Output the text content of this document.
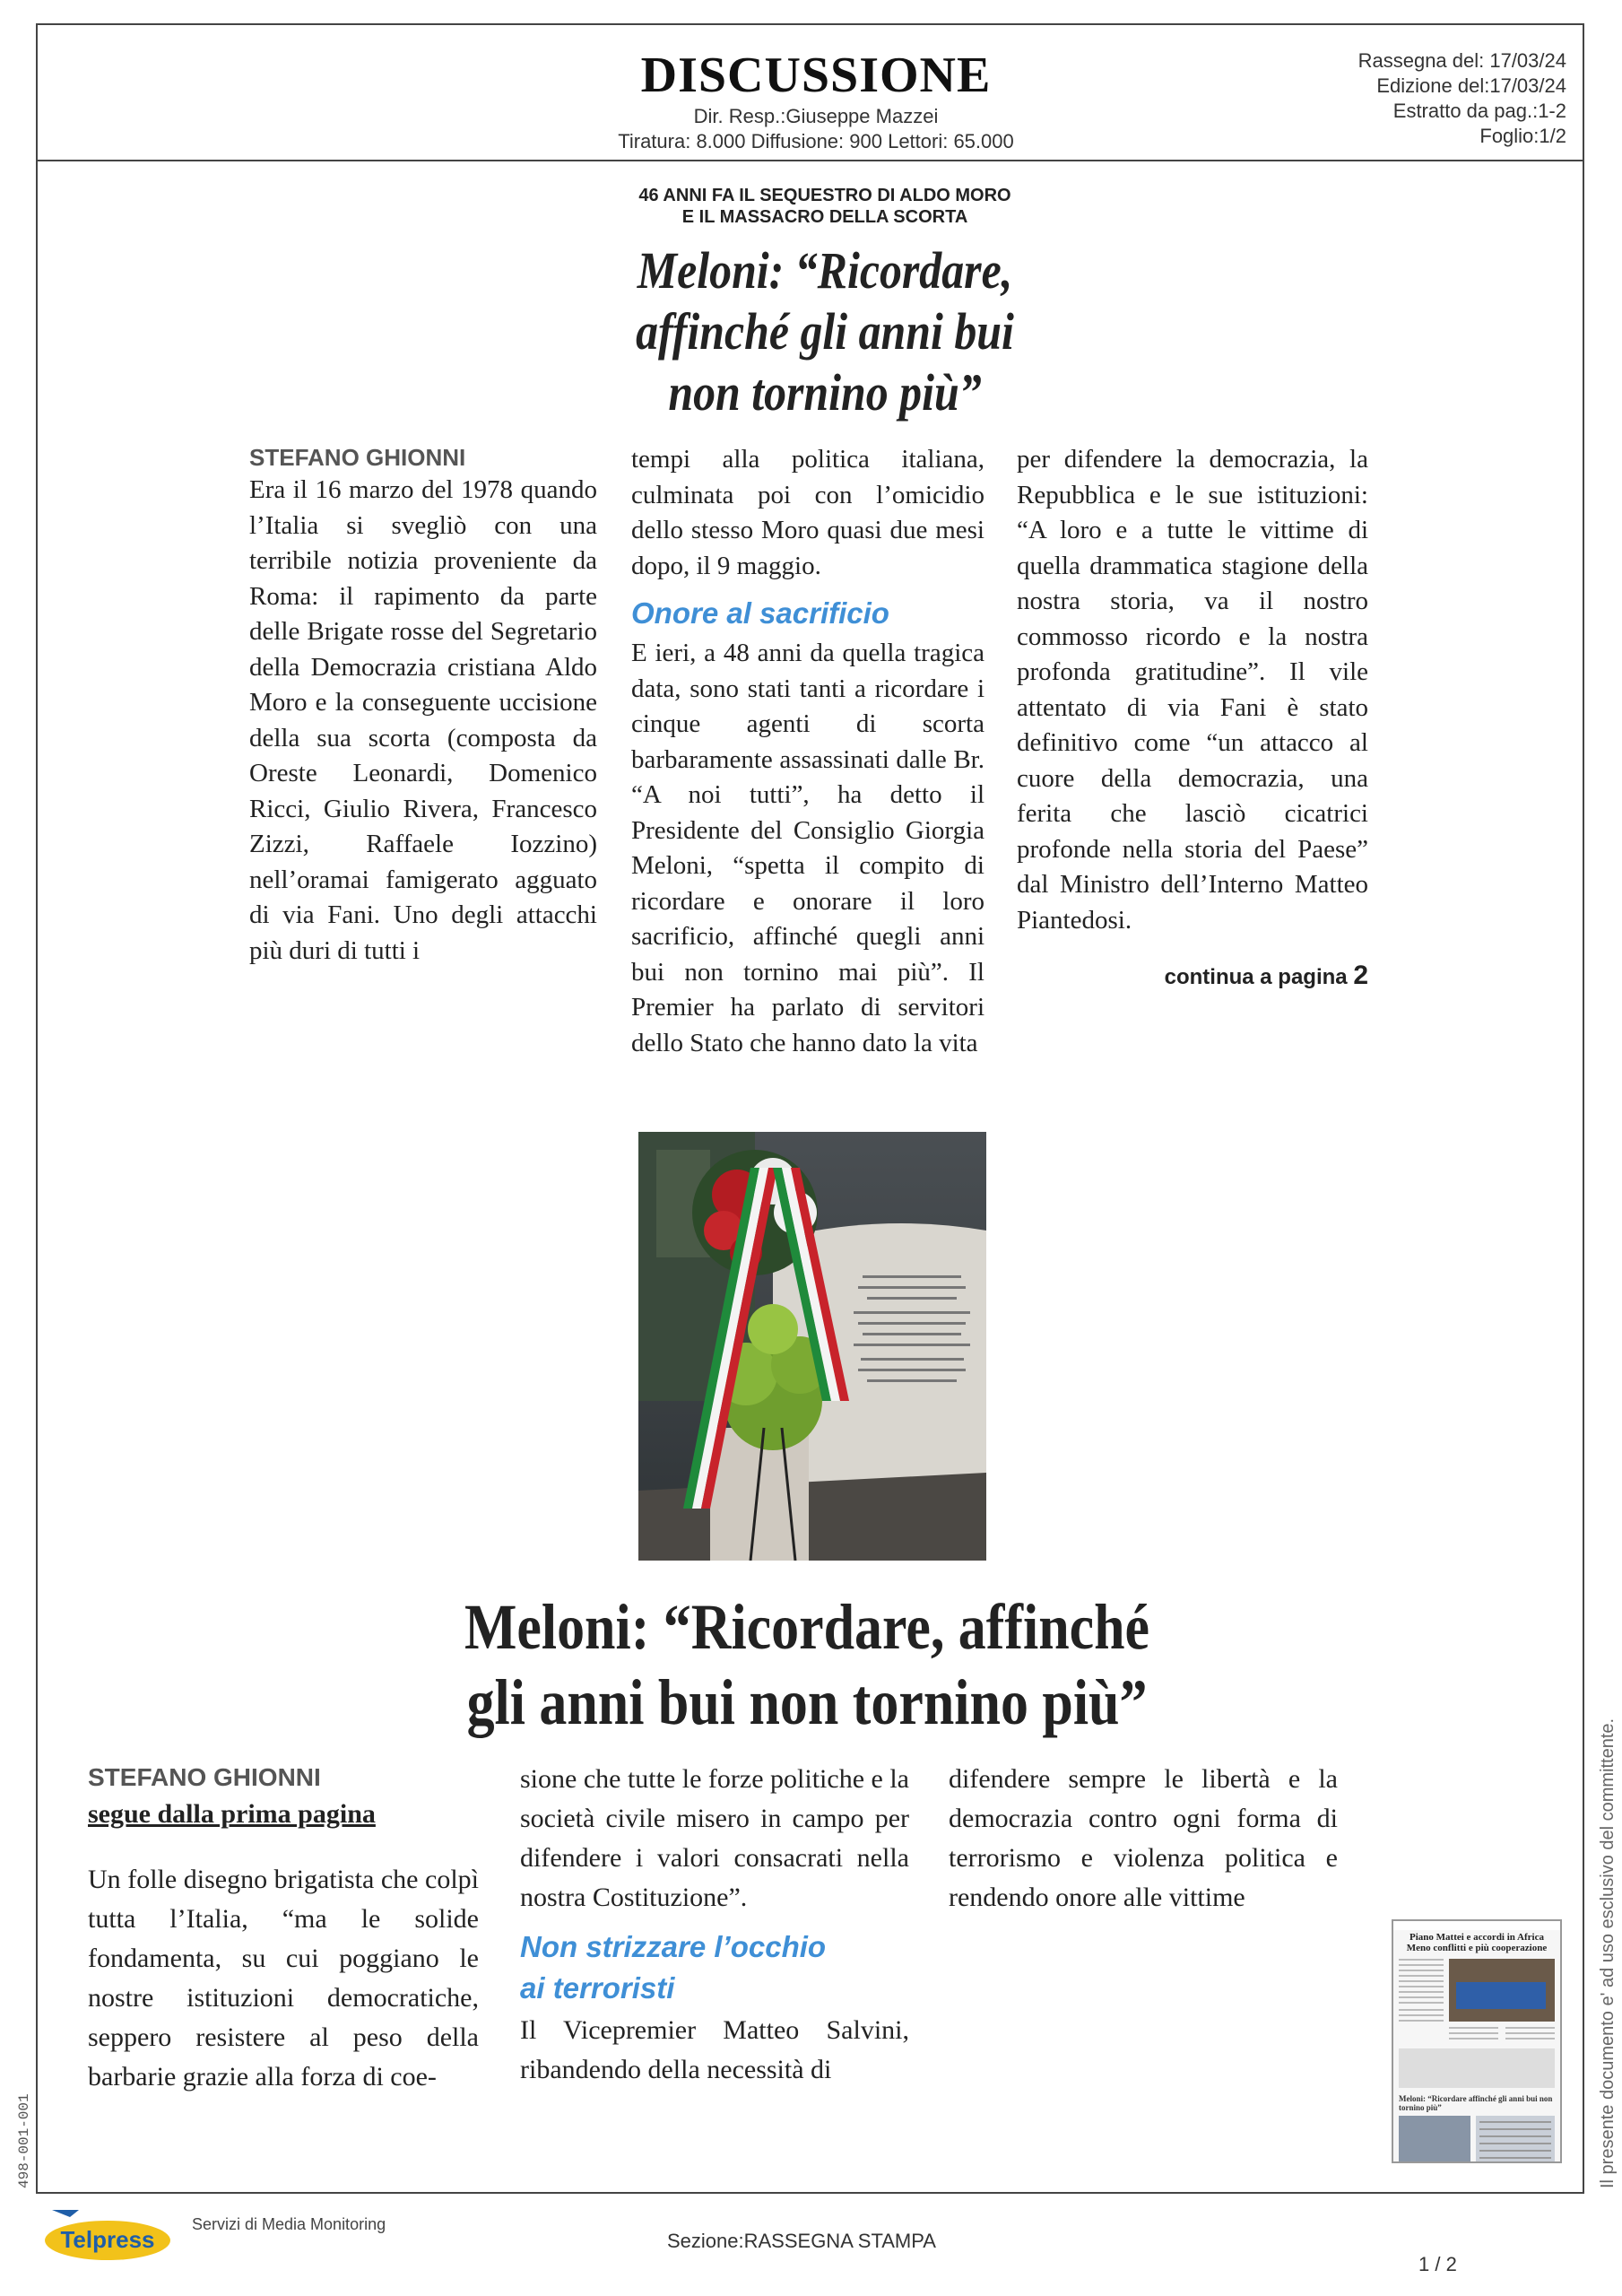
DISCUSSIONE
Dir. Resp.:Giuseppe Mazzei
Tiratura: 8.000 Diffusione: 900 Lettori: 65.000
Rassegna del: 17/03/24
Edizione del:17/03/24
Estratto da pag.:1-2
Foglio:1/2
46 ANNI FA IL SEQUESTRO DI ALDO MORO
E IL MASSACRO DELLA SCORTA
Meloni: “Ricordare,
affinché gli anni bui
non tornino più”
STEFANO GHIONNI
Era il 16 marzo del 1978 quando l’Italia si svegliò con una terribile notizia proveniente da Roma: il rapimento da parte delle Brigate rosse del Segretario della Democrazia cristiana Aldo Moro e la conseguente uccisione della sua scorta (composta da Oreste Leonardi, Domenico Ricci, Giulio Rivera, Francesco Zizzi, Raffaele Iozzino) nell’oramai famigerato agguato di via Fani. Uno degli attacchi più duri di tutti i
tempi alla politica italiana, culminata poi con l’omicidio dello stesso Moro quasi due mesi dopo, il 9 maggio.
Onore al sacrificio
E ieri, a 48 anni da quella tragica data, sono stati tanti a ricordare i cinque agenti di scorta barbaramente assassinati dalle Br. “A noi tutti”, ha detto il Presidente del Consiglio Giorgia Meloni, “spetta il compito di ricordare e onorare il loro sacrificio, affinché quegli anni bui non tornino mai più”. Il Premier ha parlato di servitori dello Stato che hanno dato la vita
per difendere la democrazia, la Repubblica e le sue istituzioni: “A loro e a tutte le vittime di quella drammatica stagione della nostra storia, va il nostro commosso ricordo e la nostra profonda gratitudine”. Il vile attentato di via Fani è stato definitivo come “un attacco al cuore della democrazia, una ferita che lasciò cicatrici profonde nella storia del Paese” dal Ministro dell’Interno Matteo Piantedosi.
continua a pagina 2
Meloni: “Ricordare, affinché
gli anni bui non tornino più”
STEFANO GHIONNI
segue dalla prima pagina
Un folle disegno brigatista che colpì tutta l’Italia, “ma le solide fondamenta, su cui poggiano le nostre istituzioni democratiche, seppero resistere al peso della barbarie grazie alla forza di coe-
sione che tutte le forze politiche e la società civile misero in campo per difendere i valori consacrati nella nostra Costituzione”.
Non strizzare l’occhio
ai terroristi
Il Vicepremier Matteo Salvini, ribandendo della necessità di
difendere sempre le libertà e la democrazia contro ogni forma di terrorismo e violenza politica e rendendo onore alle vittime
Piano Mattei e accordi in Africa
Meno conflitti e più cooperazione
Meloni: “Ricordare affinché gli anni bui non tornino più”	Il presente documento e' ad uso esclusivo del committente.
498-001-001
Telpress
Servizi di Media Monitoring
Sezione:RASSEGNA STAMPA
1 / 2
